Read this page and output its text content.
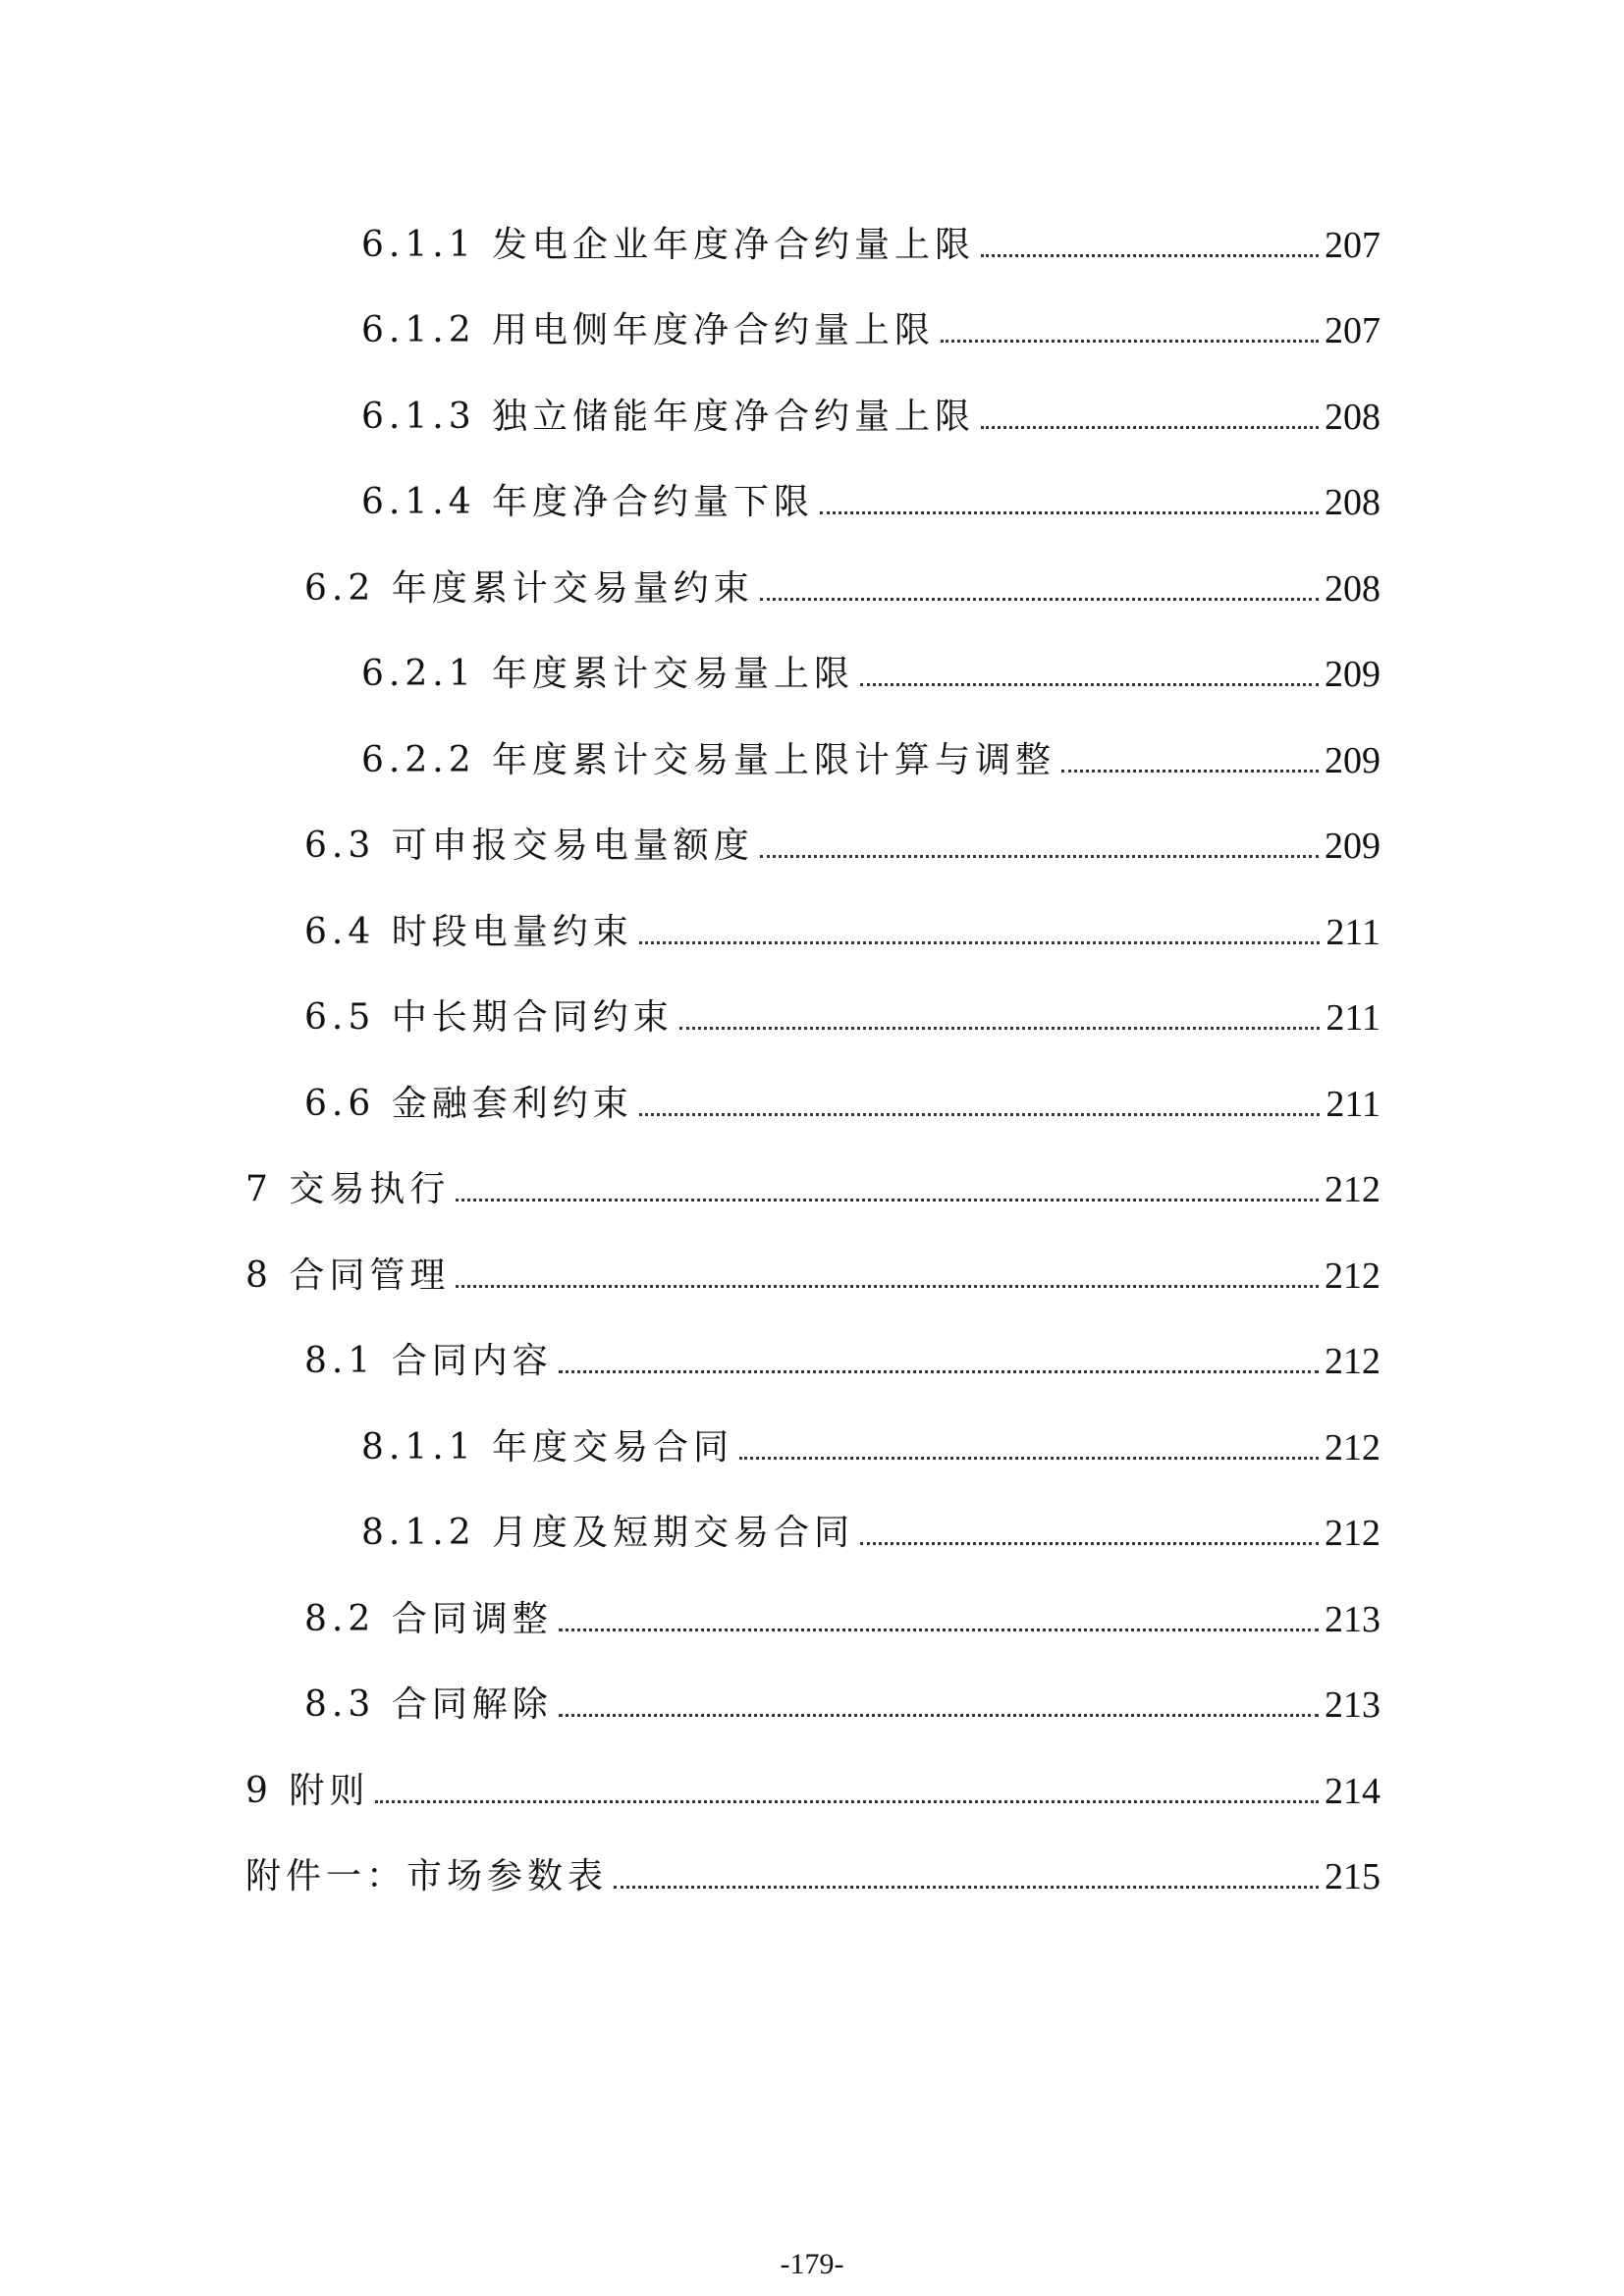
6.1.1 发电企业年度净合约量上限	207
6.1.2 用电侧年度净合约量上限	207
6.1.3 独立储能年度净合约量上限	208
6.1.4 年度净合约量下限	208
6.2 年度累计交易量约束	208
6.2.1 年度累计交易量上限	209
6.2.2 年度累计交易量上限计算与调整	209
6.3 可申报交易电量额度	209
6.4 时段电量约束	211
6.5 中长期合同约束	211
6.6 金融套利约束	211
7 交易执行	212
8 合同管理	212
8.1 合同内容	212
8.1.1 年度交易合同	212
8.1.2 月度及短期交易合同	212
8.2 合同调整	213
8.3 合同解除	213
9 附则	214
附件一：市场参数表	215
-179-
